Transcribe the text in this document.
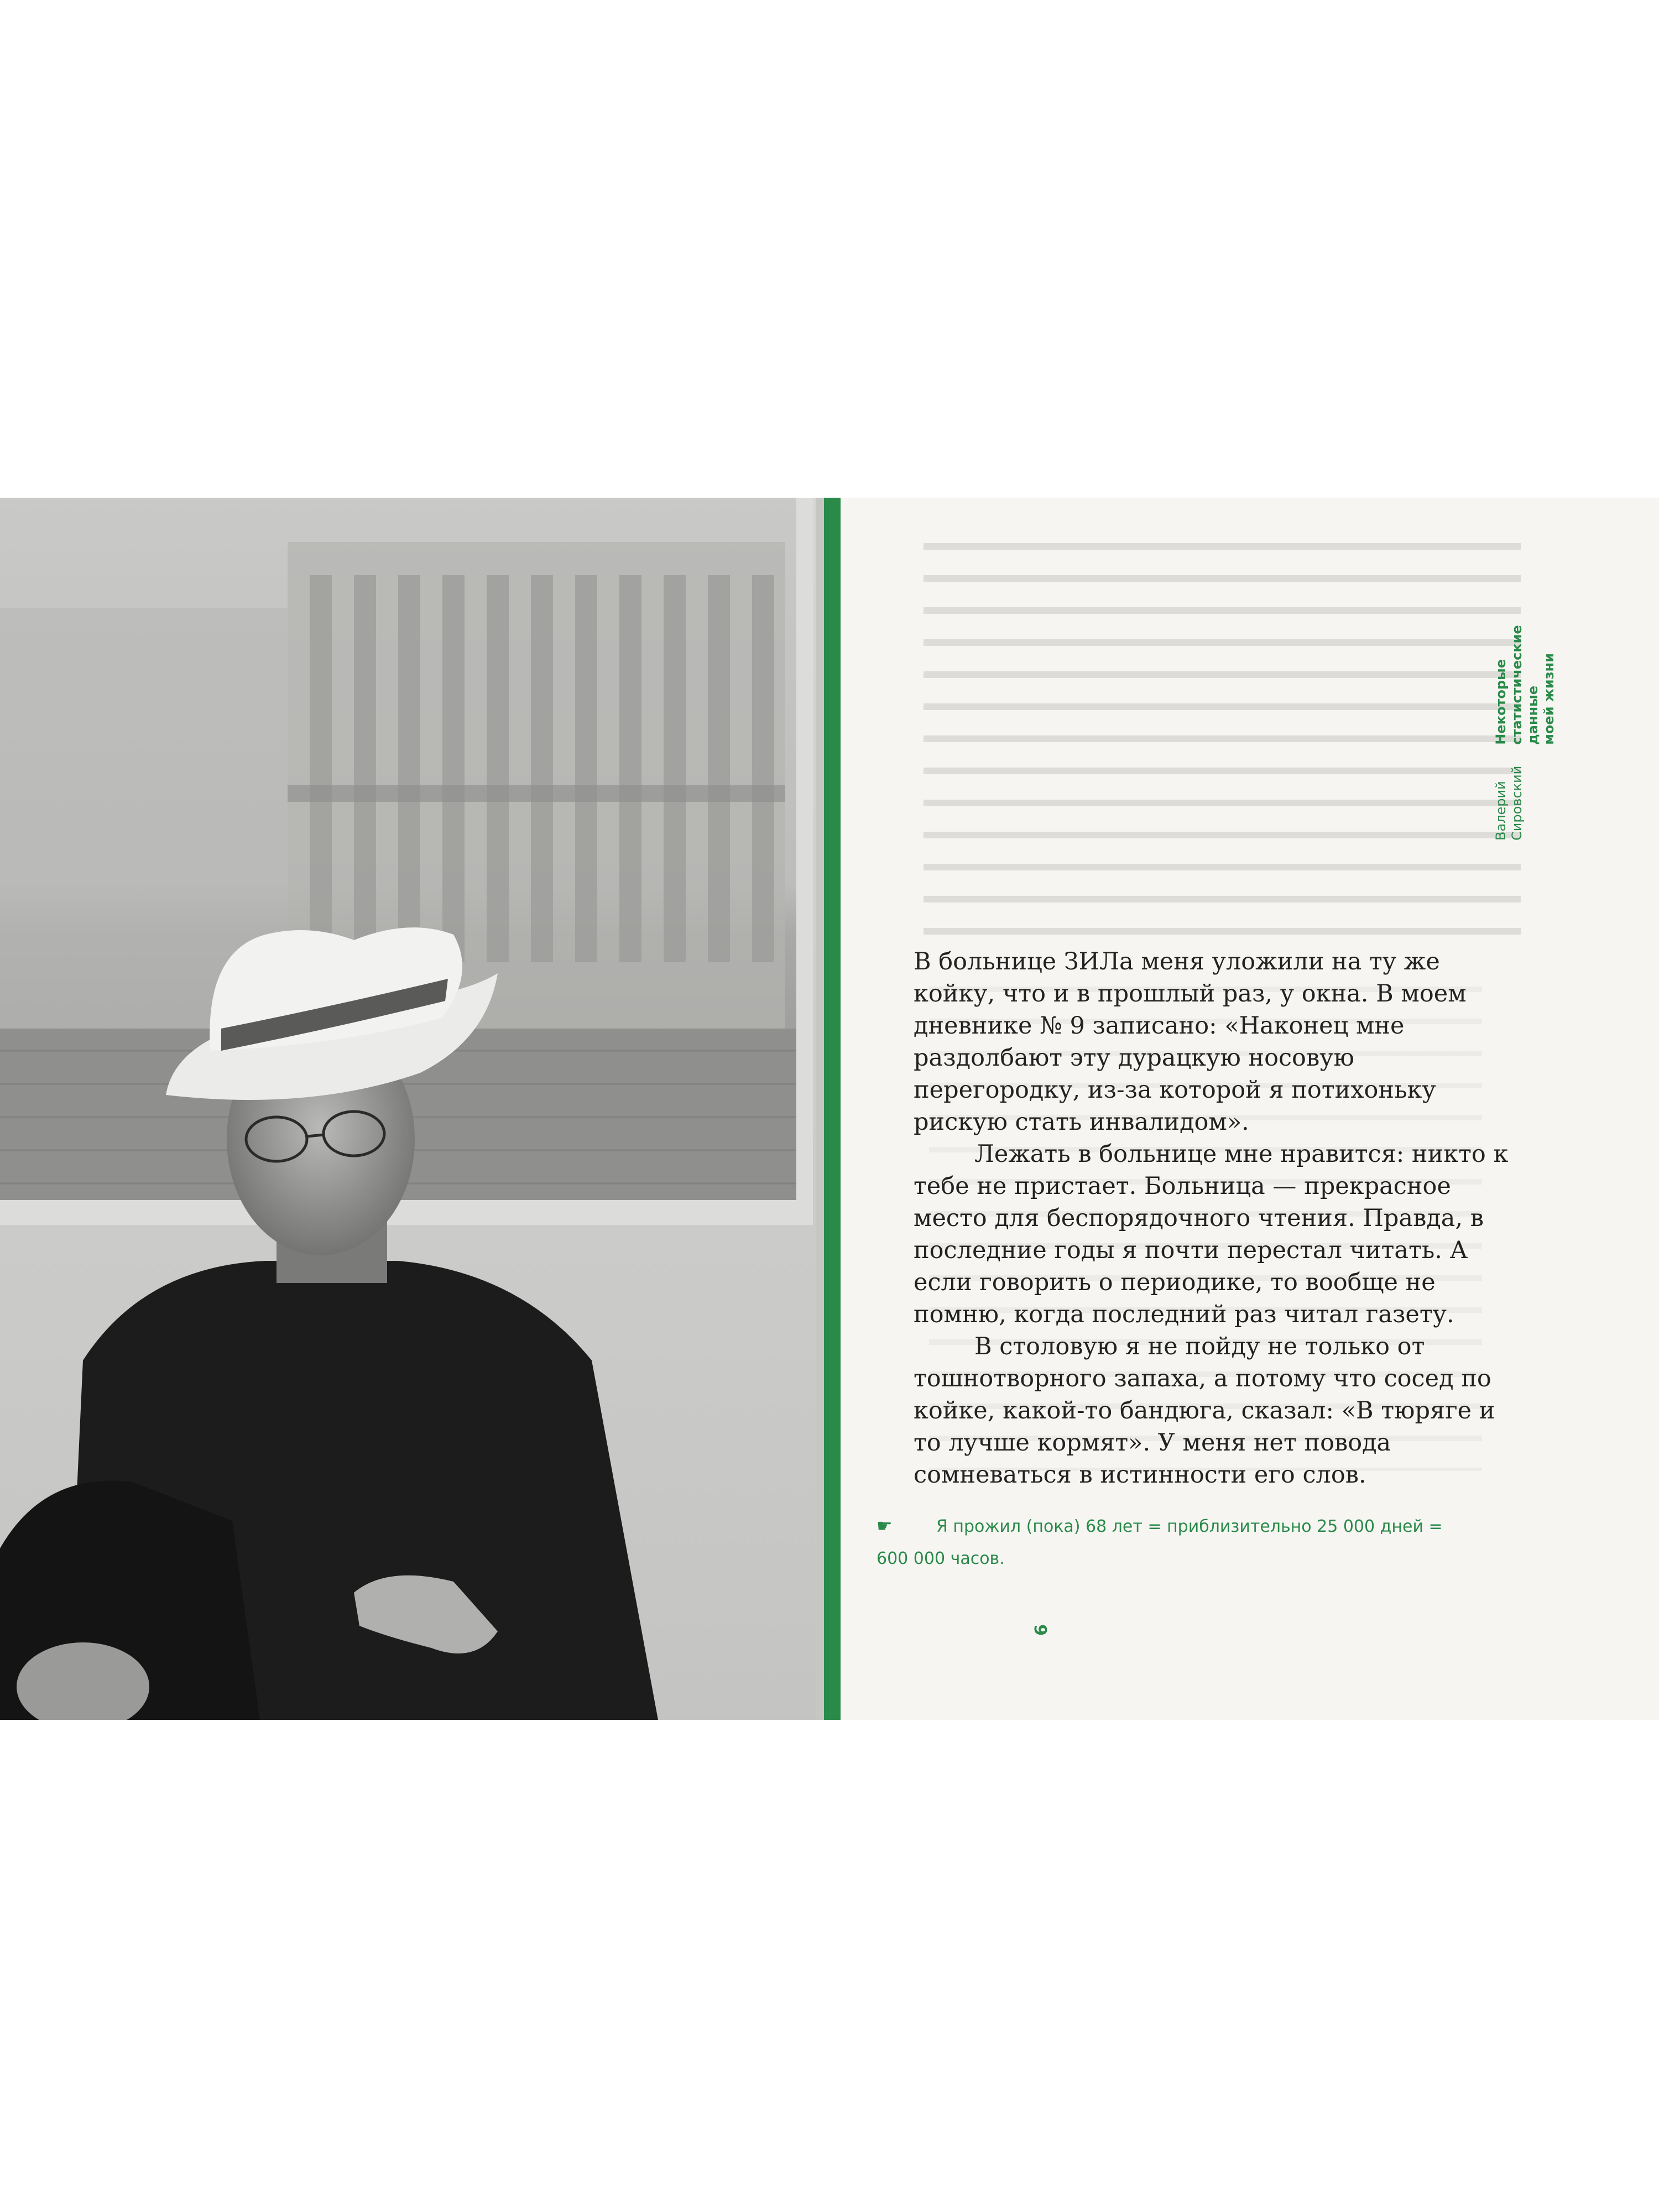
Валерий Сировский
Некоторые статистические данные моей жизни

В больнице ЗИЛа меня уложили на ту же койку, что и в прошлый раз, у окна. В моем дневнике № 9 записано: «Наконец мне раздолбают эту дурацкую носовую перегородку, из-за которой я потихоньку рискую стать инвалидом».

Лежать в больнице мне нравится: никто к тебе не пристает. Больница — прекрасное место для беспорядочного чтения. Правда, в последние годы я почти перестал читать. А если говорить о периодике, то вообще не помню, когда последний раз читал газету.

В столовую я не пойду не только от тошнотворного запаха, а потому что сосед по койке, какой-то бандюга, сказал: «В тюряге и то лучше кормят». У меня нет повода сомневаться в истинности его слов.

☛	Я прожил (пока) 68 лет = приблизительно 25 000 дней =
600 000 часов.
9
